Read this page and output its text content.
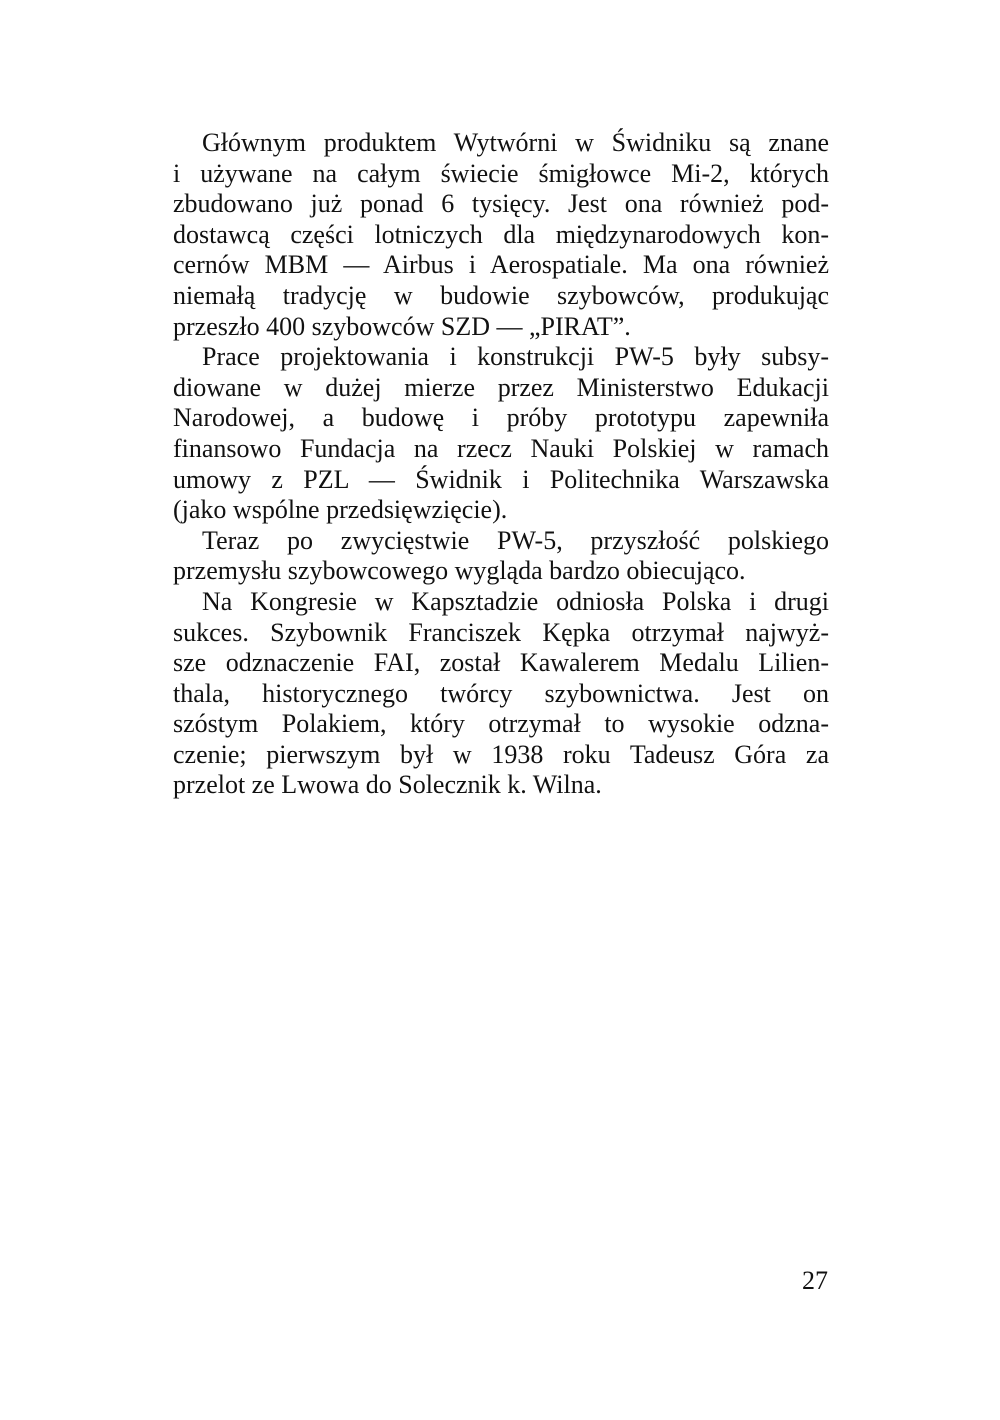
Głównym produktem Wytwórni w Świdniku są znane
i używane na całym świecie śmigłowce Mi-2, których
zbudowano już ponad 6 tysięcy. Jest ona również pod-
dostawcą części lotniczych dla międzynarodowych kon-
cernów MBM — Airbus i Aerospatiale. Ma ona również
niemałą tradycję w budowie szybowców, produkując
przeszło 400 szybowców SZD — „PIRAT”.

Prace projektowania i konstrukcji PW-5 były subsy-
diowane w dużej mierze przez Ministerstwo Edukacji
Narodowej, a budowę i próby prototypu zapewniła
finansowo Fundacja na rzecz Nauki Polskiej w ramach
umowy z PZL — Świdnik i Politechnika Warszawska
(jako wspólne przedsięwzięcie).

Teraz po zwycięstwie PW-5, przyszłość polskiego
przemysłu szybowcowego wygląda bardzo obiecująco.

Na Kongresie w Kapsztadzie odniosła Polska i drugi
sukces. Szybownik Franciszek Kępka otrzymał najwyż-
sze odznaczenie FAI, został Kawalerem Medalu Lilien-
thala, historycznego twórcy szybownictwa. Jest on
szóstym Polakiem, który otrzymał to wysokie odzna-
czenie; pierwszym był w 1938 roku Tadeusz Góra za
przelot ze Lwowa do Solecznik k. Wilna.

27
